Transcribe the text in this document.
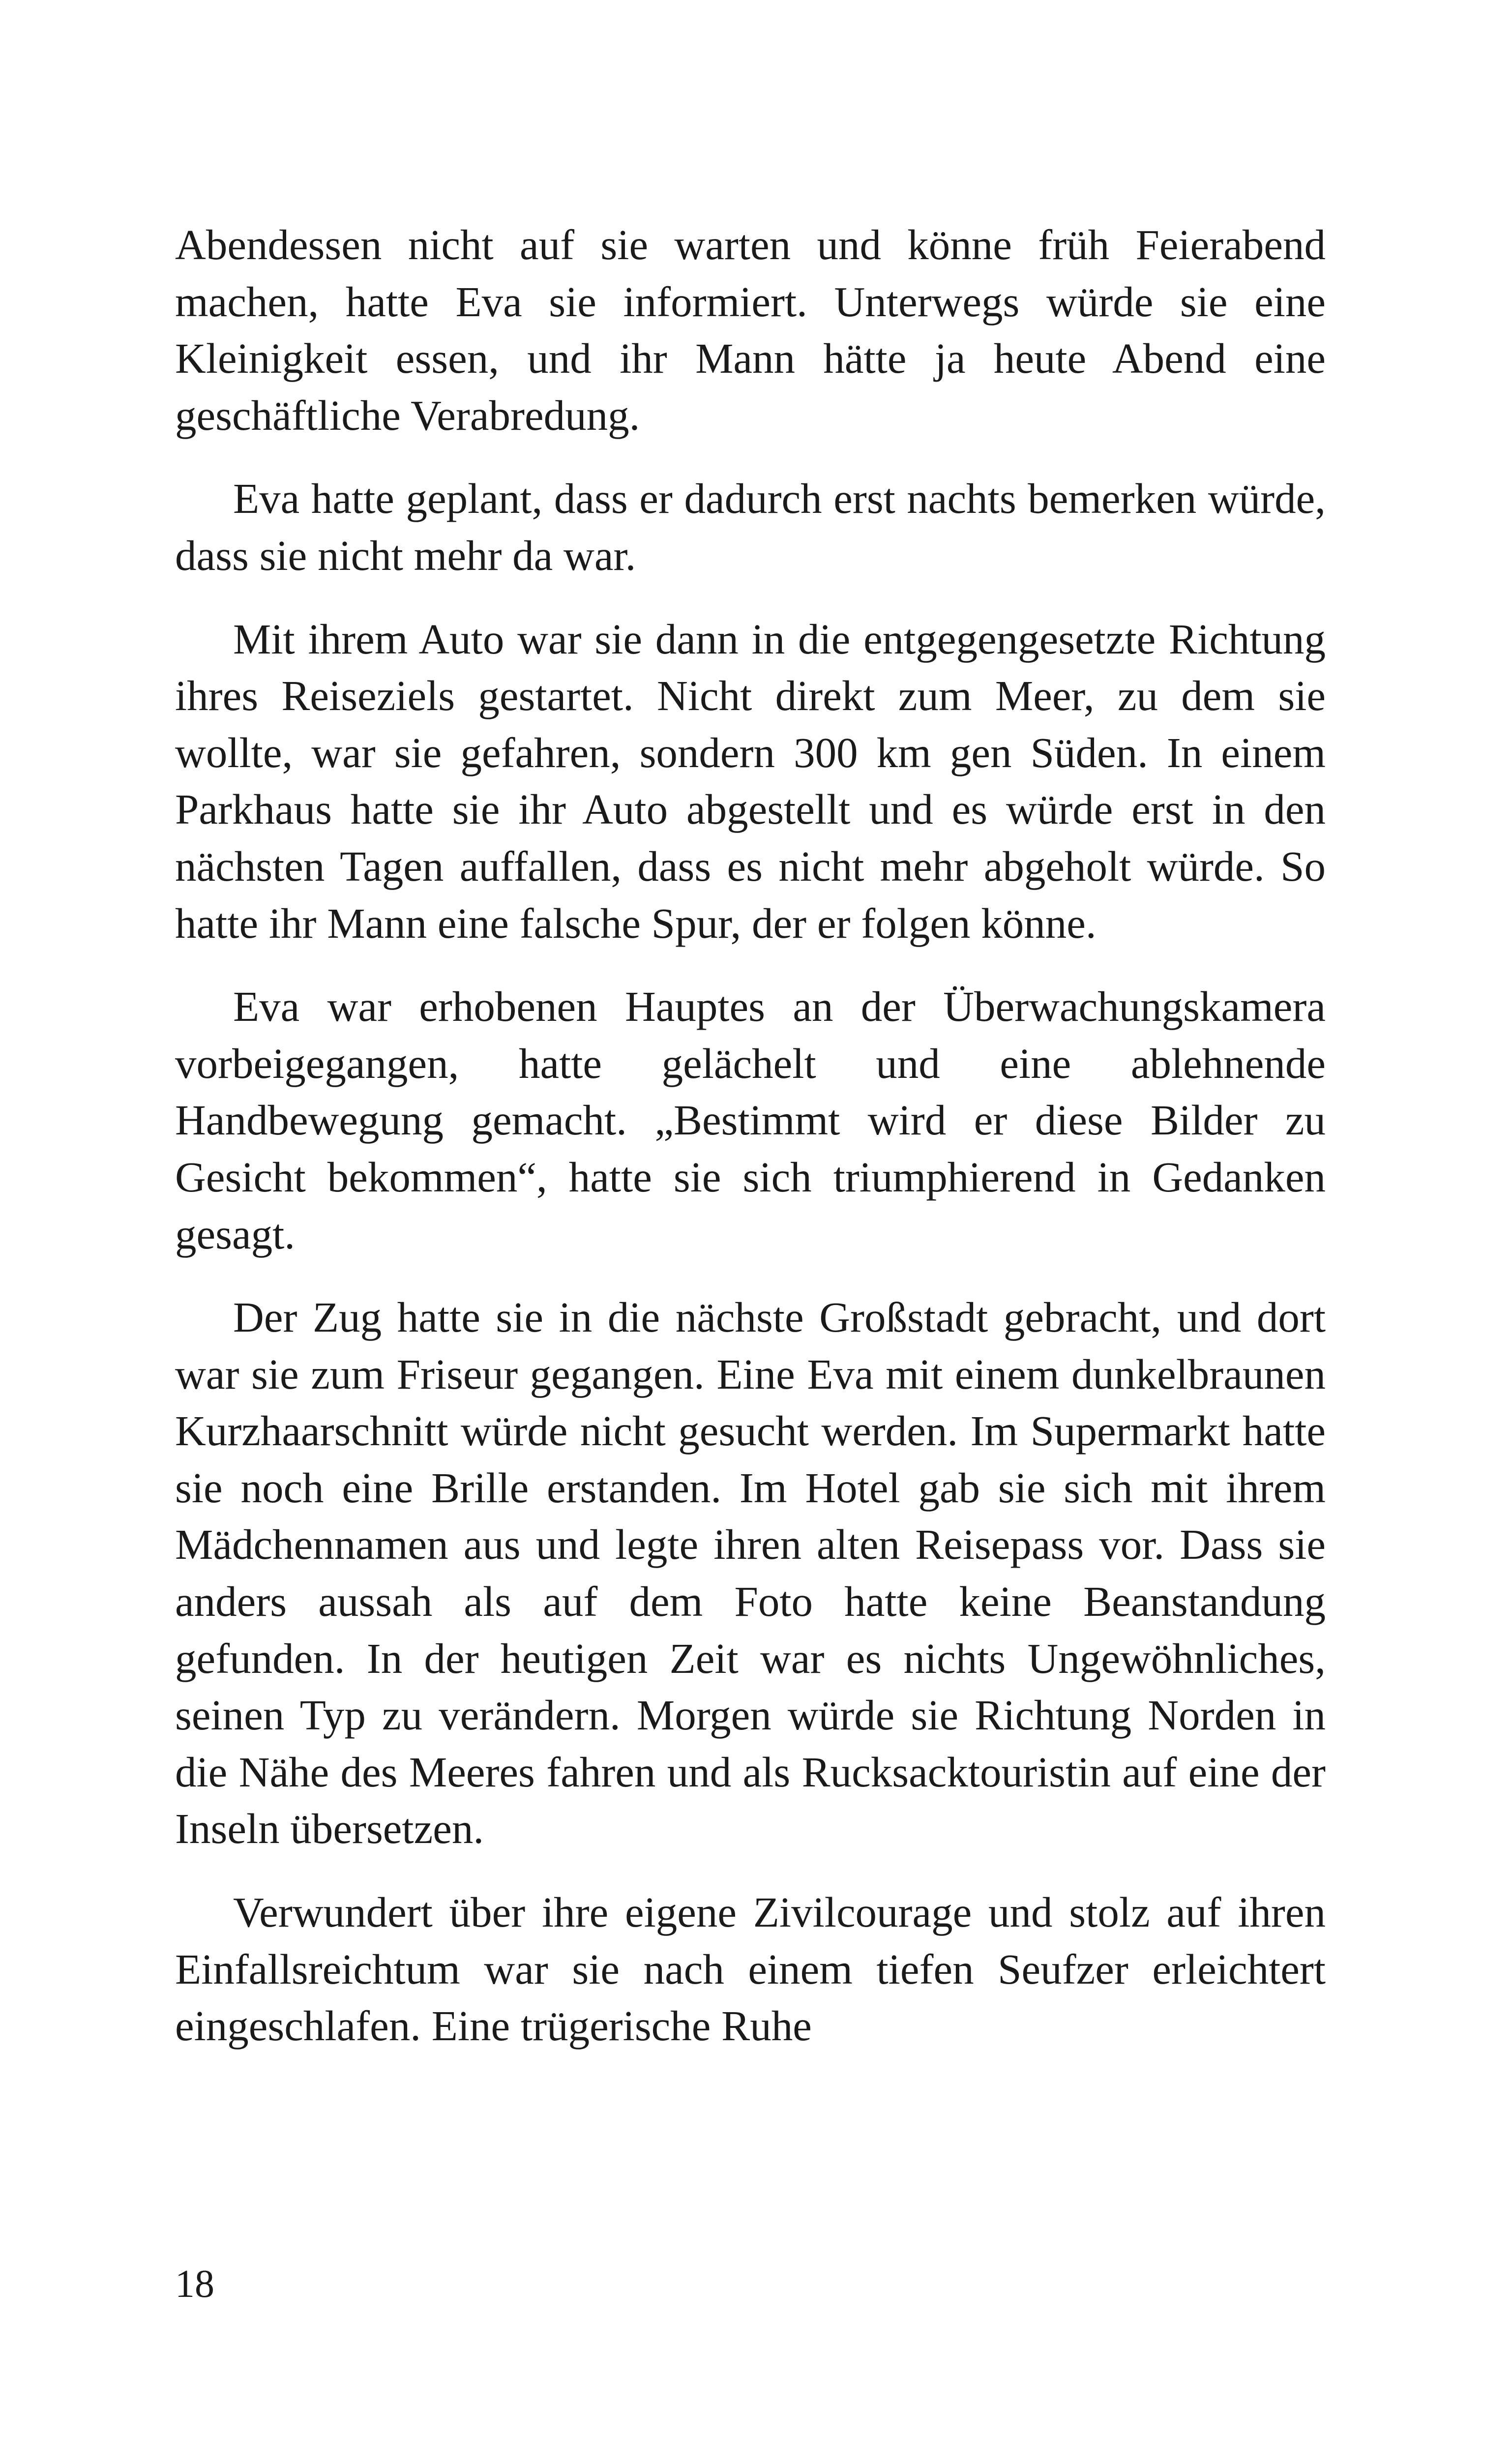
Abendessen nicht auf sie warten und könne früh Feierabend machen, hatte Eva sie informiert. Unterwegs würde sie eine Kleinigkeit essen, und ihr Mann hätte ja heute Abend eine geschäftliche Verabredung.

Eva hatte geplant, dass er dadurch erst nachts bemerken würde, dass sie nicht mehr da war.

Mit ihrem Auto war sie dann in die entgegengesetzte Richtung ihres Reiseziels gestartet. Nicht direkt zum Meer, zu dem sie wollte, war sie gefahren, sondern 300 km gen Süden. In einem Parkhaus hatte sie ihr Auto abgestellt und es würde erst in den nächsten Tagen auffallen, dass es nicht mehr abgeholt würde. So hatte ihr Mann eine falsche Spur, der er folgen könne.

Eva war erhobenen Hauptes an der Überwachungskamera vorbeigegangen, hatte gelächelt und eine ablehnende Handbewegung gemacht. „Bestimmt wird er diese Bilder zu Gesicht bekommen“, hatte sie sich triumphierend in Gedanken gesagt.

Der Zug hatte sie in die nächste Großstadt gebracht, und dort war sie zum Friseur gegangen. Eine Eva mit einem dunkelbraunen Kurzhaarschnitt würde nicht gesucht werden. Im Supermarkt hatte sie noch eine Brille erstanden. Im Hotel gab sie sich mit ihrem Mädchennamen aus und legte ihren alten Reisepass vor. Dass sie anders aussah als auf dem Foto hatte keine Beanstandung gefunden. In der heutigen Zeit war es nichts Ungewöhnliches, seinen Typ zu verändern. Morgen würde sie Richtung Norden in die Nähe des Meeres fahren und als Rucksacktouristin auf eine der Inseln übersetzen.

Verwundert über ihre eigene Zivilcourage und stolz auf ihren Einfallsreichtum war sie nach einem tiefen Seufzer erleichtert eingeschlafen. Eine trügerische Ruhe

18
